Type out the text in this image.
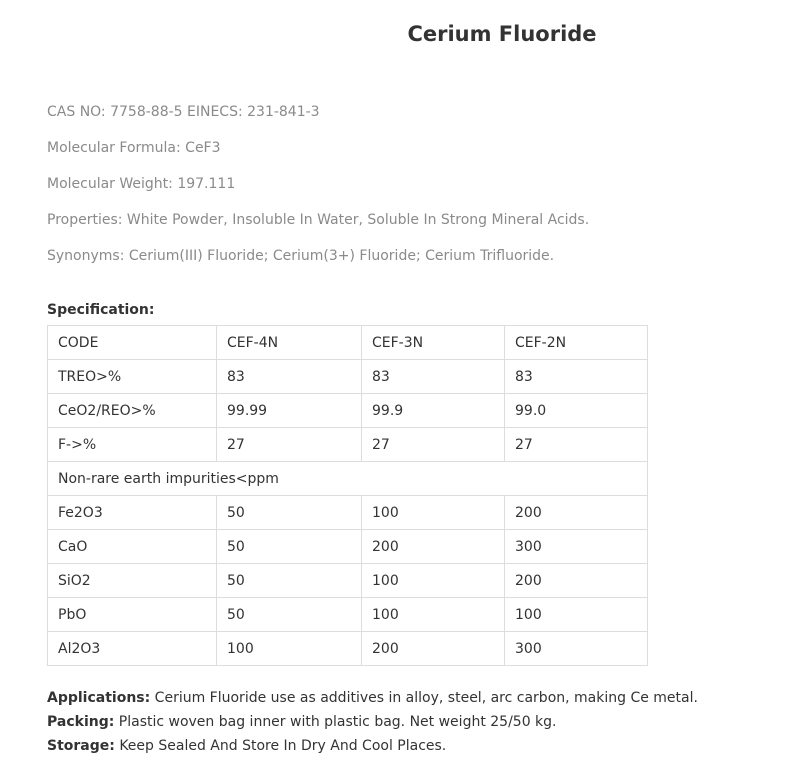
Cerium Fluoride
CAS NO: 7758-88-5 EINECS: 231-841-3
Molecular Formula: CeF3
Molecular Weight: 197.111
Properties: White Powder, Insoluble In Water, Soluble In Strong Mineral Acids.
Synonyms: Cerium(III) Fluoride; Cerium(3+) Fluoride; Cerium Trifluoride.
Specification:
CODE	CEF-4N	CEF-3N	CEF-2N
TREO>%	83	83	83
CeO2/REO>%	99.99	99.9	99.0
F->%	27	27	27
Non-rare earth impurities<ppm			
Fe2O3	50	100	200
CaO	50	200	300
SiO2	50	100	200
PbO	50	100	100
Al2O3	100	200	300
Applications: Cerium Fluoride use as additives in alloy, steel, arc carbon, making Ce metal.
Packing: Plastic woven bag inner with plastic bag. Net weight 25/50 kg.
Storage: Keep Sealed And Store In Dry And Cool Places.
